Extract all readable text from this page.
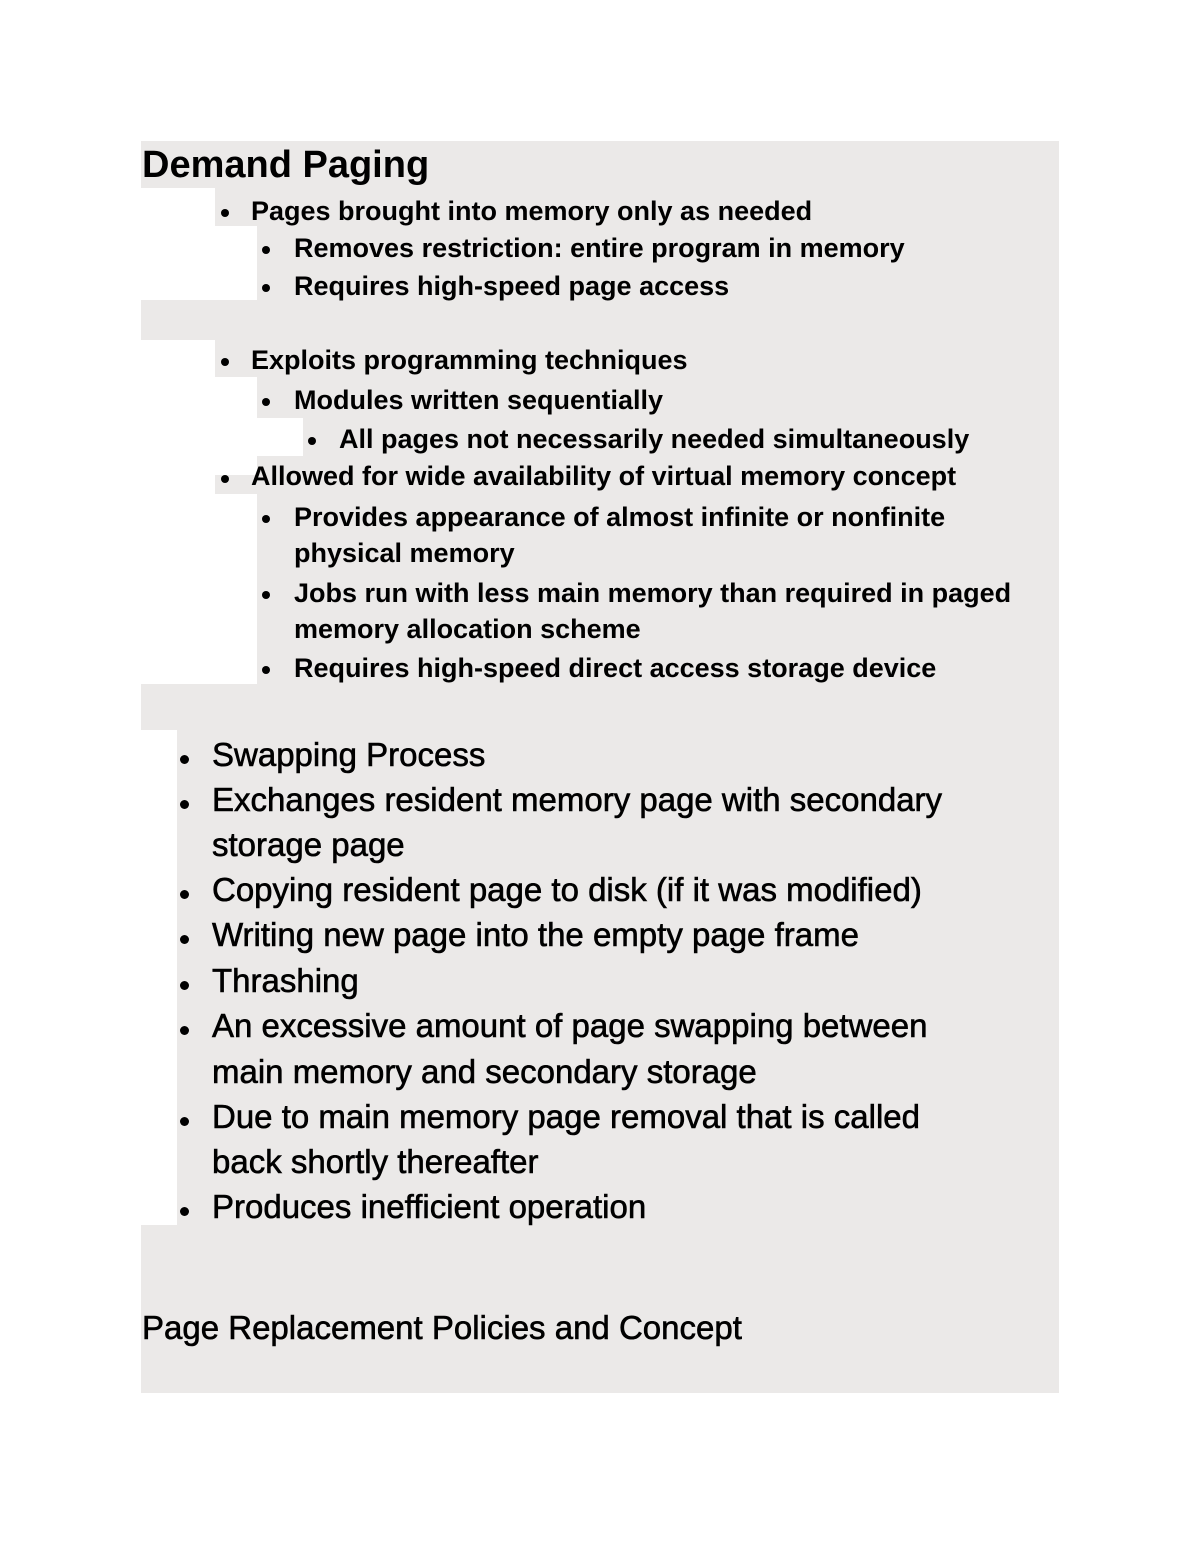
Demand Paging
Pages brought into memory only as needed
Removes restriction: entire program in memory
Requires high-speed page access
Exploits programming techniques
Modules written sequentially
All pages not necessarily needed simultaneously
Allowed for wide availability of virtual memory concept
Provides appearance of almost infinite or nonfinite
physical memory
Jobs run with less main memory than required in paged
memory allocation scheme
Requires high-speed direct access storage device
Swapping Process
Exchanges resident memory page with secondary
storage page
Copying resident page to disk (if it was modified)
Writing new page into the empty page frame
Thrashing
An excessive amount of page swapping between
main memory and secondary storage
Due to main memory page removal that is called
back shortly thereafter
Produces inefficient operation
Page Replacement Policies and Concept
